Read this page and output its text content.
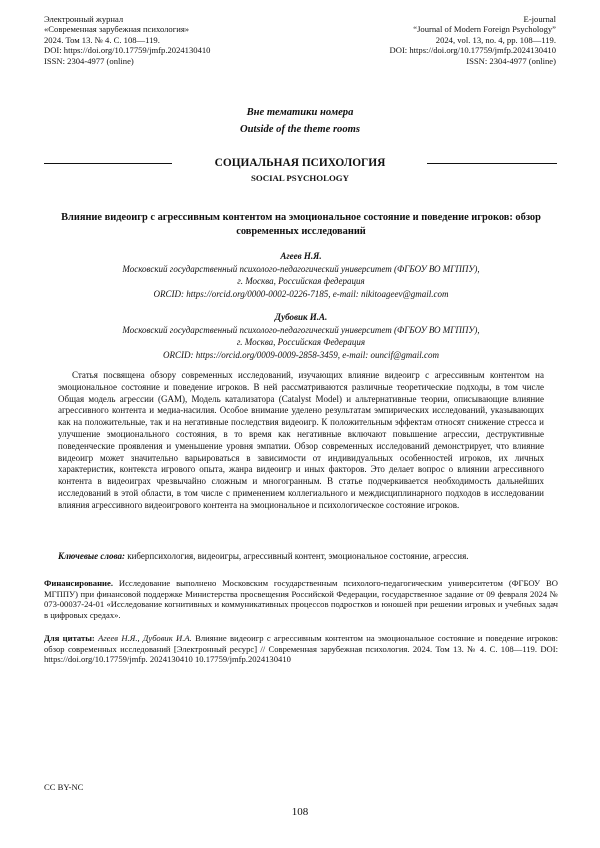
Электронный журнал
«Современная зарубежная психология»
2024. Том 13. № 4. С. 108—119.
DOI: https://doi.org/10.17759/jmfp.2024130410
ISSN: 2304-4977 (online)
E-journal
“Journal of Modern Foreign Psychology”
2024, vol. 13, no. 4, pp. 108—119.
DOI: https://doi.org/10.17759/jmfp.2024130410
ISSN: 2304-4977 (online)
Вне тематики номера
Outside of the theme rooms
СОЦИАЛЬНАЯ ПСИХОЛОГИЯ
SOCIAL PSYCHOLOGY
Влияние видеоигр с агрессивным контентом на эмоциональное состояние и поведение игроков: обзор современных исследований
Агеев Н.Я.
Московский государственный психолого-педагогический университет (ФГБОУ ВО МГППУ),
г. Москва, Российская федерация
ORCID: https://orcid.org/0000-0002-0226-7185, e-mail: nikitoageev@gmail.com
Дубовик И.А.
Московский государственный психолого-педагогический университет (ФГБОУ ВО МГППУ),
г. Москва, Российская Федерация
ORCID: https://orcid.org/0009-0009-2858-3459, e-mail: ouncif@gmail.com

Статья посвящена обзору современных исследований, изучающих влияние видеоигр с агрессивным контентом на эмоциональное состояние и поведение игроков. В ней рассматриваются различные теоретические подходы, в том числе Общая модель агрессии (GAM), Модель катализатора (Catalyst Model) и альтернативные теории, описывающие влияние агрессивного контента и медиа-насилия. Особое внимание уделено результатам эмпирических исследований, указывающих как на положительные, так и на негативные последствия видеоигр. К положительным эффектам относят снижение стресса и улучшение эмоционального состояния, в то время как негативные включают повышение агрессии, деструктивные поведенческие проявления и уменьшение уровня эмпатии. Обзор современных исследований демонстрирует, что влияние видеоигр может значительно варьироваться в зависимости от индивидуальных особенностей игроков, их личных характеристик, контекста игрового опыта, жанра видеоигр и иных факторов. Это делает вопрос о влиянии агрессивного контента в видеоиграх чрезвычайно сложным и многогранным. В статье подчеркивается необходимость дальнейших исследований в этой области, в том числе с применением коллегиального и междисциплинарного подходов в исследовании влияния агрессивного видеоигрового контента на эмоциональное и психологическое состояние игроков.

Ключевые слова: киберпсихология, видеоигры, агрессивный контент, эмоциональное состояние, агрессия.

Финансирование. Исследование выполнено Московским государственным психолого-педагогическим университетом (ФГБОУ ВО МГППУ) при финансовой поддержке Министерства просвещения Российской Федерации, государственное задание от 09 февраля 2024 № 073-00037-24-01 «Исследование когнитивных и коммуникативных процессов подростков и юношей при решении игровых и учебных задач в цифровых средах».

Для цитаты: Агеев Н.Я., Дубовик И.А. Влияние видеоигр с агрессивным контентом на эмоциональное состояние и поведение игроков: обзор современных исследований [Электронный ресурс] // Современная зарубежная психология. 2024. Том 13. № 4. С. 108—119. DOI: https://doi.org/10.17759/jmfp. 2024130410 10.17759/jmfp.2024130410

CC BY-NC
108
